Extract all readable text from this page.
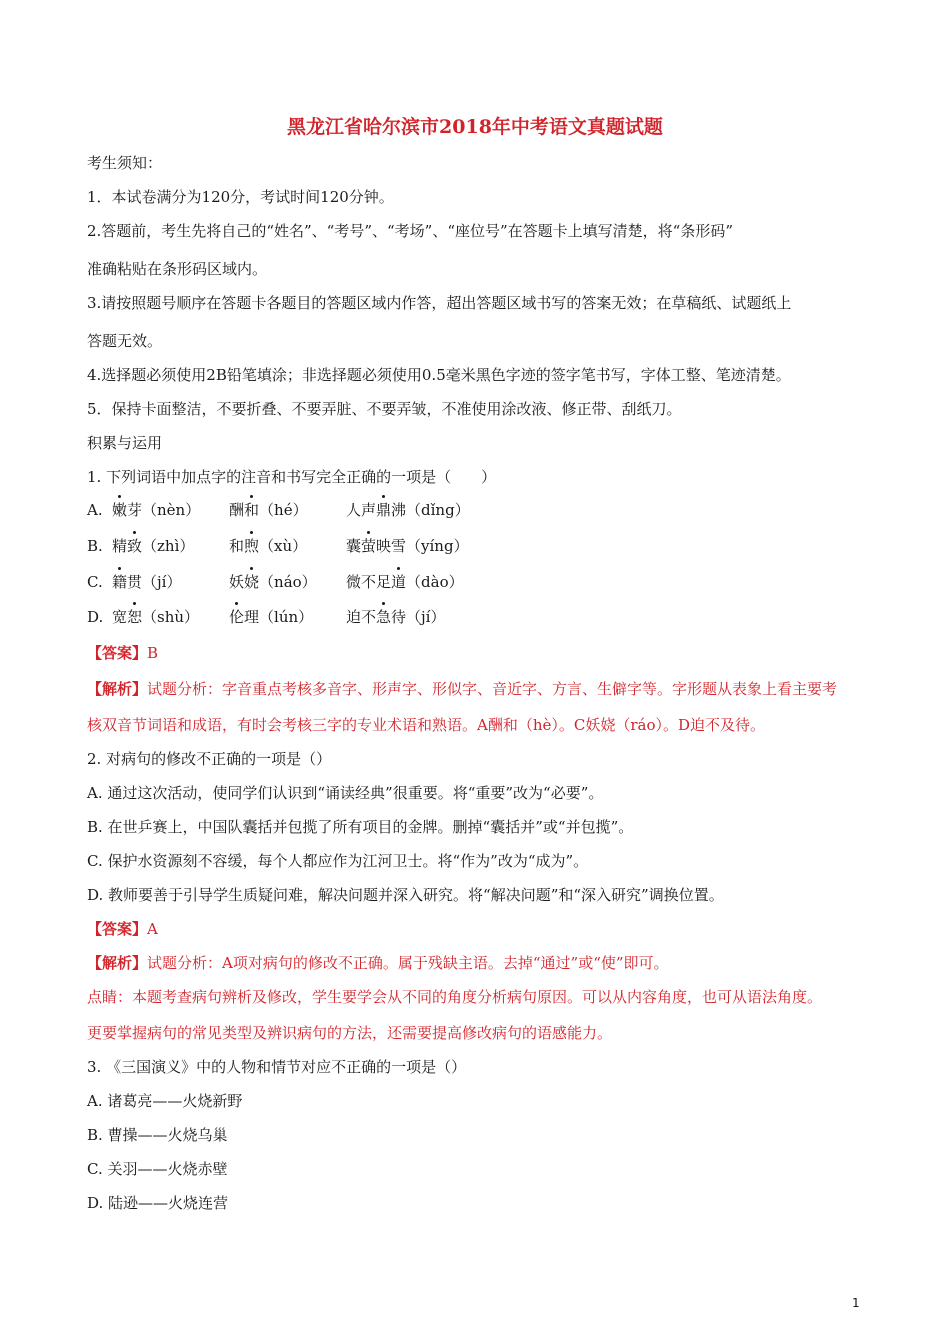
黑龙江省哈尔滨市2018年中考语文真题试题
考生须知：
1．本试卷满分为120分，考试时间120分钟。
2.答题前，考生先将自己的“姓名”、“考号”、“考场”、“座位号”在答题卡上填写清楚，将“条形码”
准确粘贴在条形码区域内。
3.请按照题号顺序在答题卡各题目的答题区域内作答，超出答题区域书写的答案无效；在草稿纸、试题纸上
答题无效。
4.选择题必须使用2B铅笔填涂；非选择题必须使用0.5毫米黑色字迹的签字笔书写，字体工整、笔迹清楚。
5．保持卡面整洁，不要折叠、不要弄脏、不要弄皱，不准使用涂改液、修正带、刮纸刀。
积累与运用
1. 下列词语中加点字的注音和书写完全正确的一项是（　　）
A. 嫩芽（nèn） 酬和（hé）	人声鼎沸（dǐng）
B. 精致（zhì） 和煦（xù）	囊萤映雪（yíng）
C. 籍贯（jí）	妖娆（náo） 微不足道（dào）
D. 宽恕（shù） 伦理（lún） 迫不急待（jí）
【答案】B
【解析】试题分析：字音重点考核多音字、形声字、形似字、音近字、方言、生僻字等。字形题从表象上看主要考
核双音节词语和成语，有时会考核三字的专业术语和熟语。A酬和（hè）。C妖娆（ráo）。D迫不及待。
2. 对病句的修改不正确的一项是（）
A. 通过这次活动，使同学们认识到“诵读经典”很重要。将“重要”改为“必要”。
B. 在世乒赛上，中国队囊括并包揽了所有项目的金牌。删掉“囊括并”或“并包揽”。
C. 保护水资源刻不容缓，每个人都应作为江河卫士。将“作为”改为“成为”。
D. 教师要善于引导学生质疑问难，解决问题并深入研究。将“解决问题”和“深入研究”调换位置。
【答案】A
【解析】试题分析：A项对病句的修改不正确。属于残缺主语。去掉“通过”或“使”即可。
点睛：本题考查病句辨析及修改，学生要学会从不同的角度分析病句原因。可以从内容角度，也可从语法角度。
更要掌握病句的常见类型及辨识病句的方法，还需要提高修改病句的语感能力。
3. 《三国演义》中的人物和情节对应不正确的一项是（）
A. 诸葛亮——火烧新野
B. 曹操——火烧乌巢
C. 关羽——火烧赤壁
D. 陆逊——火烧连营
1
